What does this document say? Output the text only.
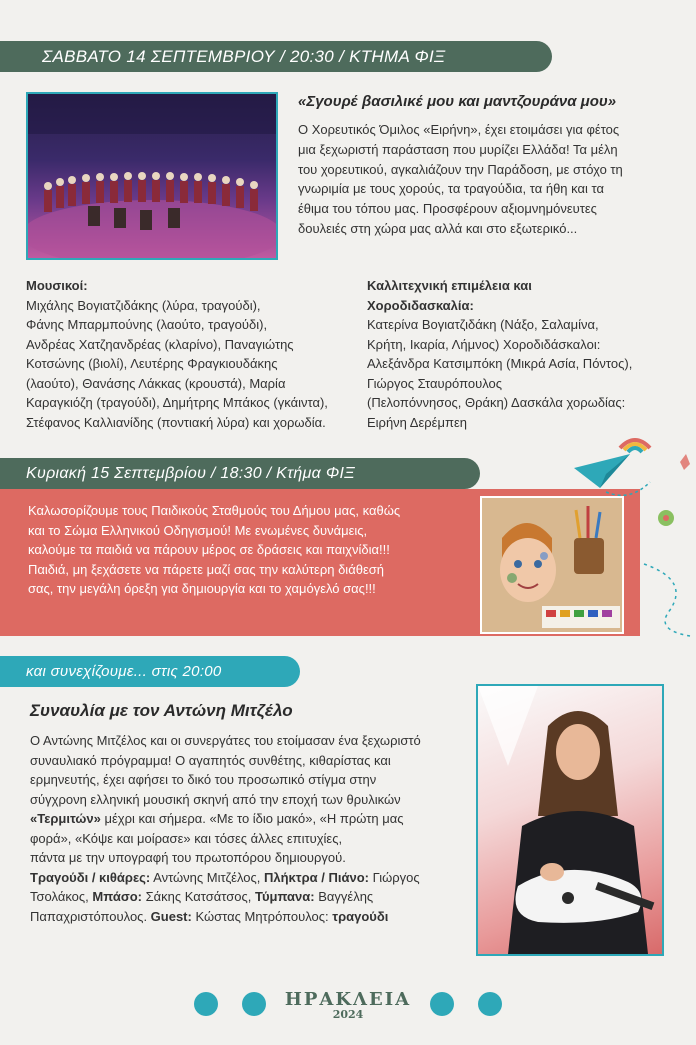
ΣΑΒΒΑΤΟ 14 ΣΕΠΤΕΜΒΡΙΟΥ / 20:30 / ΚΤΗΜΑ ΦΙΞ
«Σγουρέ βασιλικέ μου και μαντζουράνα μου»

Ο Χορευτικός Όμιλος «Ειρήνη», έχει ετοιμάσει για φέτος

μια ξεχωριστή παράσταση που μυρίζει Ελλάδα! Τα μέλη

του χορευτικού, αγκαλιάζουν την Παράδοση, με στόχο τη

γνωριμία με τους χορούς, τα τραγούδια, τα ήθη και τα

έθιμα του τόπου μας. Προσφέρουν αξιομνημόνευτες

δουλειές στη χώρα μας αλλά και στο εξωτερικό...

Μουσικοί:

Μιχάλης Βογιατζιδάκης (λύρα, τραγούδι),

Φάνης Μπαρμπούνης (λαούτο, τραγούδι),

Ανδρέας Χατζηανδρέας (κλαρίνο), Παναγιώτης

Κοτσώνης (βιολί), Λευτέρης Φραγκιουδάκης

(λαούτο), Θανάσης Λάκκας (κρουστά), Μαρία

Καραγκιόζη (τραγούδι), Δημήτρης Μπάκος (γκάιντα),

Στέφανος Καλλιανίδης (ποντιακή λύρα) και χορωδία.

Καλλιτεχνική επιμέλεια και
Χοροδιδασκαλία:

Κατερίνα Βογιατζιδάκη (Νάξο, Σαλαμίνα,

Κρήτη, Ικαρία, Λήμνος) Χοροδιδάσκαλοι:

Αλεξάνδρα Κατσιμπόκη (Μικρά Ασία, Πόντος),

Γιώργος Σταυρόπουλος

(Πελοπόννησος, Θράκη) Δασκάλα χορωδίας:

Ειρήνη Δερέμπεη

Κυριακή 15 Σεπτεμβρίου / 18:30 / Κτήμα ΦΙΞ

Καλωσορίζουμε τους Παιδικούς Σταθμούς του Δήμου μας, καθώς

και το Σώμα Ελληνικού Οδηγισμού! Με ενωμένες δυνάμεις,

καλούμε τα παιδιά να πάρουν μέρος σε δράσεις και παιχνίδια!!!

Παιδιά, μη ξεχάσετε να πάρετε μαζί σας την καλύτερη διάθεσή

σας, την μεγάλη όρεξη για δημιουργία και το χαμόγελό σας!!!

και συνεχίζουμε... στις 20:00
Συναυλία με τον Αντώνη Μιτζέλο

Ο Αντώνης Μιτζέλος και οι συνεργάτες του ετοίμασαν ένα ξεχωριστό

συναυλιακό πρόγραμμα! Ο αγαπητός συνθέτης, κιθαρίστας και

ερμηνευτής, έχει αφήσει το δικό του προσωπικό στίγμα στην

σύγχρονη ελληνική μουσική σκηνή από την εποχή των θρυλικών

«Τερμιτών» μέχρι και σήμερα. «Με το ίδιο μακό», «Η πρώτη μας

φορά», «Κόψε και μοίρασε» και τόσες άλλες επιτυχίες,

πάντα με την υπογραφή του πρωτοπόρου δημιουργού.

Τραγούδι / κιθάρες: Αντώνης Μιτζέλος, Πλήκτρα / Πιάνο: Γιώργος

Τσολάκος, Μπάσο: Σάκης Κατσάτσος, Τύμπανα: Βαγγέλης

Παπαχριστόπουλος. Guest: Κώστας Μητρόπουλος: τραγούδι

ΗΡΑΚΛΕΙΑ
2024
